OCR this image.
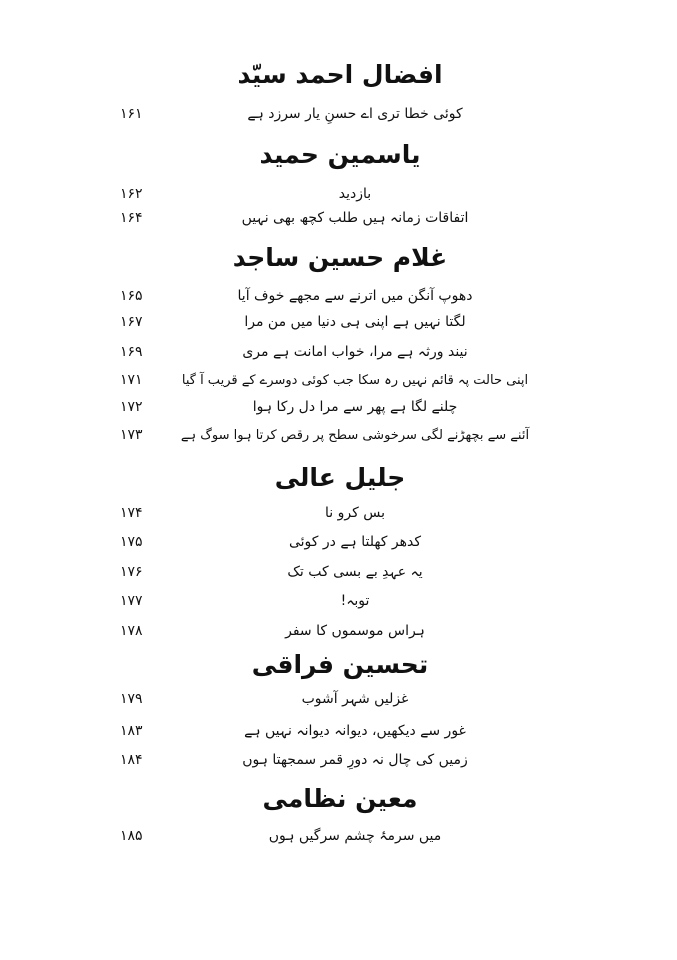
افضال احمد سیّد
۱۶۱	کوئی خطا تری اے حسنِ یار سرزد ہے
یاسمین حمید
۱۶۲	بازدید
۱۶۴	اتفاقات زمانہ ہیں طلب کچھ بھی نہیں
غلام حسین ساجد
۱۶۵	دھوپ آنگن میں اترنے سے مجھے خوف آیا
۱۶۷	لگتا نہیں ہے اپنی ہی دنیا میں من مرا
۱۶۹	نیند ورثہ ہے مرا، خواب امانت ہے مری
۱۷۱	اپنی حالت پہ قائم نہیں رہ سکا جب کوئی دوسرے کے قریب آ گیا
۱۷۲	چلنے لگا ہے پھر سے مرا دل رکا ہوا
۱۷۳	آئنے سے بچھڑنے لگی سرخوشی سطح پر رقص کرتا ہوا سوگ ہے
جلیل عالی
۱۷۴	بس کرو نا
۱۷۵	کدھر کھلتا ہے در کوئی
۱۷۶	یہ عہدِ بے بسی کب تک
۱۷۷	توبہ!
۱۷۸	ہراس موسموں کا سفر
تحسین فراقی
۱۷۹	غزلیں شہر آشوب
۱۸۳	غور سے دیکھیں، دیوانہ دیوانہ نہیں ہے
۱۸۴	زمیں کی چال نہ دورِ قمر سمجھتا ہوں
معین نظامی
۱۸۵	میں سرمۂ چشم سرگیں ہوں
